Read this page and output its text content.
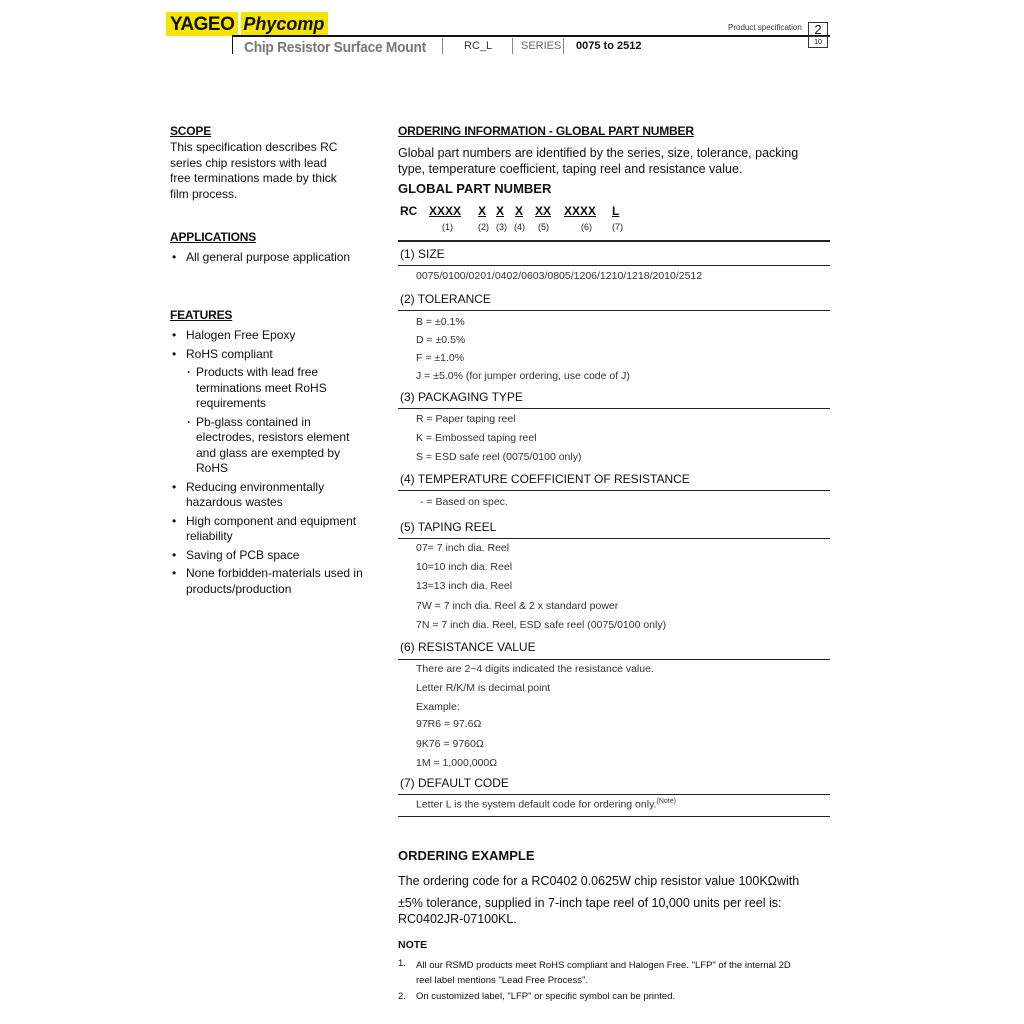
YAGEO Phycomp
Chip Resistor Surface Mount	RC_L	SERIES 0075 to 2512
Product specification 2
10
SCOPE
This specification describes RC
series chip resistors with lead
free terminations made by thick
film process.
APPLICATIONS
• All general purpose application
FEATURES
• Halogen Free Epoxy
• RoHS compliant
· Products with lead free
terminations meet RoHS
requirements
· Pb-glass contained in
electrodes, resistors element
and glass are exempted by
RoHS
• Reducing environmentally
hazardous wastes
• High component and equipment
reliability
• Saving of PCB space
• None forbidden-materials used in
products/production
ORDERING INFORMATION - GLOBAL PART NUMBER
Global part numbers are identified by the series, size, tolerance, packing
type, temperature coefficient, taping reel and resistance value.
GLOBAL PART NUMBER
RC XXXX X X X XX XXXX L
(1)	(2) (3) (4) (5)	(6) (7)
(1) SIZE
0075/0100/0201/0402/0603/0805/1206/1210/1218/2010/2512
(2) TOLERANCE
B = ±0.1%
D = ±0.5%
F = ±1.0%
J = ±5.0% (for jumper ordering, use code of J)
(3) PACKAGING TYPE
R = Paper taping reel
K = Embossed taping reel
S = ESD safe reel (0075/0100 only)
(4) TEMPERATURE COEFFICIENT OF RESISTANCE
- = Based on spec.
(5) TAPING REEL
07= 7 inch dia. Reel
10=10 inch dia. Reel
13=13 inch dia. Reel
7W = 7 inch dia. Reel & 2 x standard power
7N = 7 inch dia. Reel, ESD safe reel (0075/0100 only)
(6) RESISTANCE VALUE
There are 2~4 digits indicated the resistance value.
Letter R/K/M is decimal point
Example:
97R6 = 97.6Ω
9K76 = 9760Ω
1M = 1,000,000Ω
(7) DEFAULT CODE
Letter L is the system default code for ordering only.$^{(Note)}$
ORDERING EXAMPLE
The ordering code for a RC0402 0.0625W chip resistor value 100KΩwith
±5% tolerance, supplied in 7-inch tape reel of 10,000 units per reel is:
RC0402JR-07100KL.
NOTE
1. All our RSMD products meet RoHS compliant and Halogen Free. "LFP" of the internal 2D
reel label mentions "Lead Free Process".
2. On customized label, "LFP" or specific symbol can be printed.
